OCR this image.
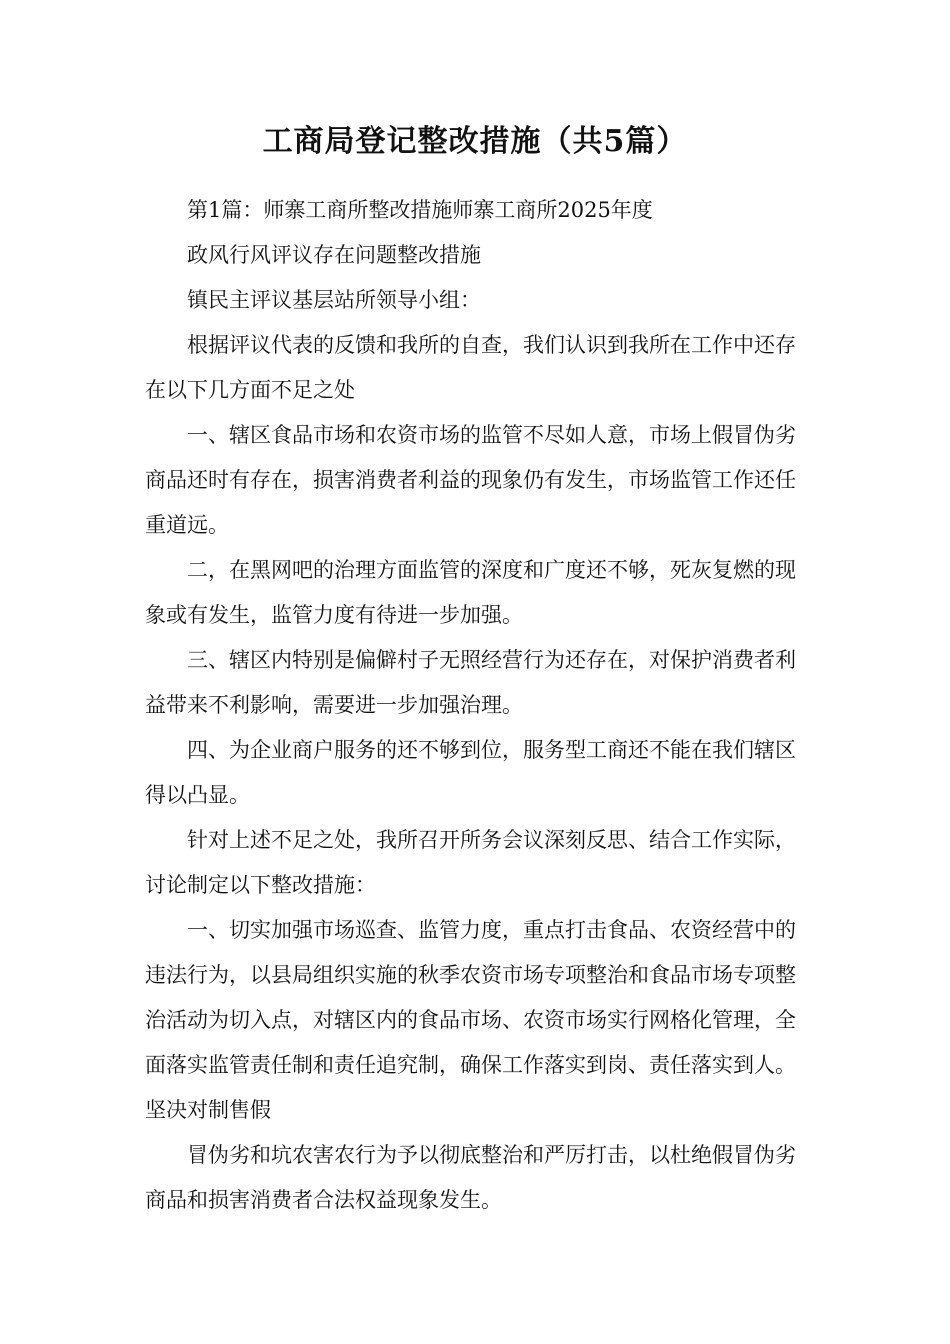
工商局登记整改措施（共5篇）

第1篇：师寨工商所整改措施师寨工商所2025年度

政风行风评议存在问题整改措施

镇民主评议基层站所领导小组：

根据评议代表的反馈和我所的自查，我们认识到我所在工作中还存在以下几方面不足之处

一、辖区食品市场和农资市场的监管不尽如人意，市场上假冒伪劣商品还时有存在，损害消费者利益的现象仍有发生，市场监管工作还任重道远。

二，在黑网吧的治理方面监管的深度和广度还不够，死灰复燃的现象或有发生，监管力度有待进一步加强。

三、辖区内特别是偏僻村子无照经营行为还存在，对保护消费者利益带来不利影响，需要进一步加强治理。

四、为企业商户服务的还不够到位，服务型工商还不能在我们辖区得以凸显。

针对上述不足之处，我所召开所务会议深刻反思、结合工作实际，讨论制定以下整改措施：

一、切实加强市场巡查、监管力度，重点打击食品、农资经营中的违法行为，以县局组织实施的秋季农资市场专项整治和食品市场专项整治活动为切入点，对辖区内的食品市场、农资市场实行网格化管理，全面落实监管责任制和责任追究制，确保工作落实到岗、责任落实到人。坚决对制售假

冒伪劣和坑农害农行为予以彻底整治和严厉打击，以杜绝假冒伪劣商品和损害消费者合法权益现象发生。
